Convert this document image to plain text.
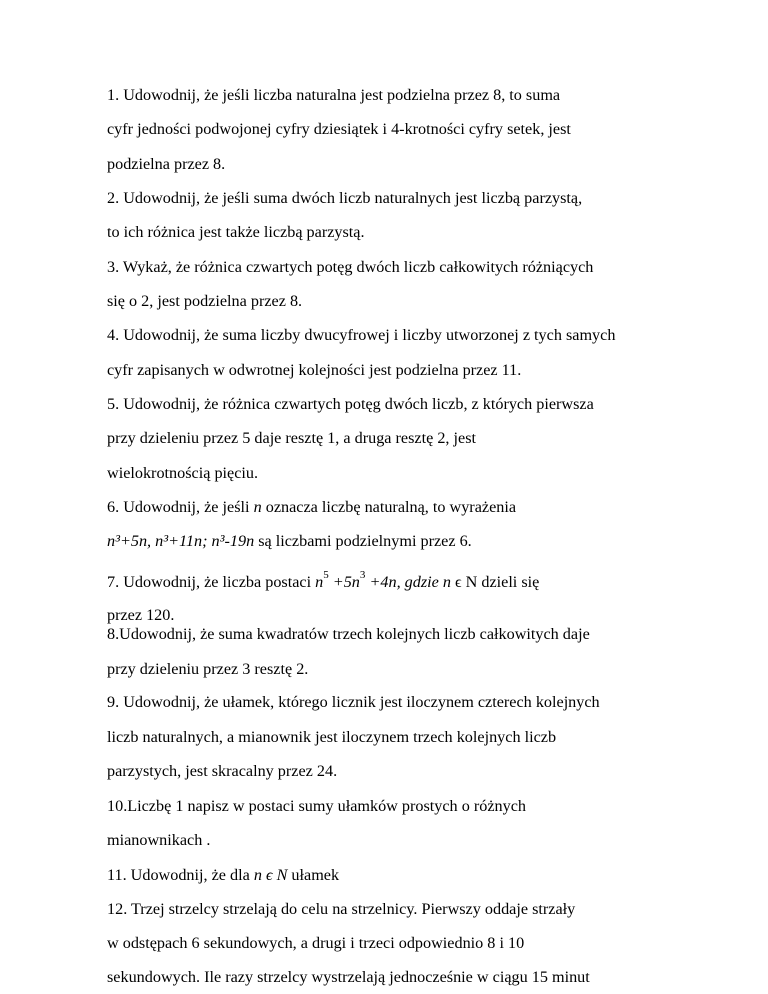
1. Udowodnij, że jeśli liczba naturalna jest podzielna przez 8, to suma
cyfr jedności podwojonej cyfry dziesiątek i 4-krotności cyfry setek, jest
podzielna przez 8.
2. Udowodnij, że jeśli suma dwóch liczb naturalnych jest liczbą parzystą,
to ich różnica jest także liczbą parzystą.
3. Wykaż, że różnica czwartych potęg dwóch liczb całkowitych różniących
się o 2, jest podzielna przez 8.
4. Udowodnij, że suma liczby dwucyfrowej i liczby utworzonej z tych samych
cyfr zapisanych w odwrotnej kolejności jest podzielna przez 11.
5. Udowodnij, że różnica czwartych potęg dwóch liczb, z których pierwsza
przy dzieleniu przez 5 daje resztę 1, a druga resztę 2, jest
wielokrotnością pięciu.
6. Udowodnij, że jeśli n oznacza liczbę naturalną, to wyrażenia
n³+5n, n³+11n; n³-19n są liczbami podzielnymi przez 6.
7. Udowodnij, że liczba postaci $n^5 +5n^3 +4n$, gdzie n ϵ N dzieli się
przez 120.
8.Udowodnij, że suma kwadratów trzech kolejnych liczb całkowitych daje
przy dzieleniu przez 3 resztę 2.
9. Udowodnij, że ułamek, którego licznik jest iloczynem czterech kolejnych
liczb naturalnych, a mianownik jest iloczynem trzech kolejnych liczb
parzystych, jest skracalny przez 24.
10.Liczbę 1 napisz w postaci sumy ułamków prostych o różnych
mianownikach .
11. Udowodnij, że dla n ϵ N ułamek
12. Trzej strzelcy strzelają do celu na strzelnicy. Pierwszy oddaje strzały
w odstępach 6 sekundowych, a drugi i trzeci odpowiednio 8 i 10
sekundowych. Ile razy strzelcy wystrzelają jednocześnie w ciągu 15 minut
